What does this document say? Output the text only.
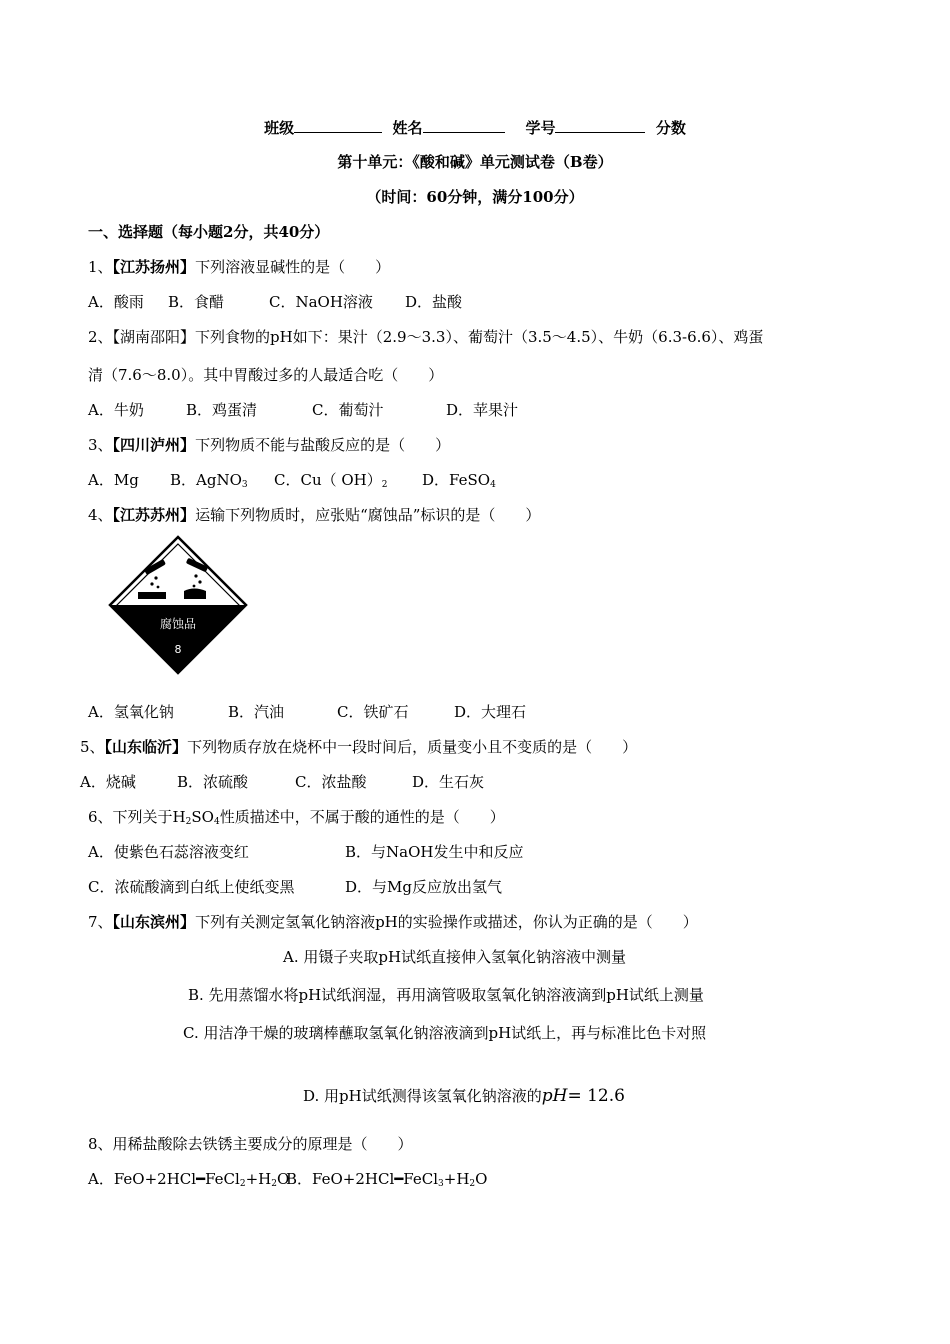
班级	姓名	学号	分数
第十单元：《酸和碱》单元测试卷（B卷）
（时间：60分钟，满分100分）
一、选择题（每小题2分，共40分）
1、【江苏扬州】下列溶液显碱性的是（　　）
A．酸雨 B．食醋	C．NaOH溶液 D．盐酸
2、【湖南邵阳】下列食物的pH如下：果汁（2.9～3.3）、葡萄汁（3.5～4.5）、牛奶（6.3-6.6）、鸡蛋
清（7.6～8.0）。其中胃酸过多的人最适合吃（　　）
A．牛奶	B．鸡蛋清	C．葡萄汁	D．苹果汁
3、【四川泸州】下列物质不能与盐酸反应的是（　　）
A．Mg B．AgNO$_3$ C．Cu（ $OH)_2$ D．FeSO$_4$
4、【江苏苏州】运输下列物质时，应张贴“腐蚀品”标识的是（　　）
腐蚀品
8
A．氢氧化钠	B．汽油	C．铁矿石	D．大理石
5、【山东临沂】下列物质存放在烧杯中一段时间后，质量变小且不变质的是（　　）
A．烧碱	B．浓硫酸	C．浓盐酸	D．生石灰
6、下列关于$H_2SO_4$性质描述中，不属于酸的通性的是（　　）
A．使紫色石蕊溶液变红	B．与NaOH发生中和反应
C．浓硫酸滴到白纸上使纸变黑	D．与Mg反应放出氢气
7、【山东滨州】下列有关测定氢氧化钠溶液pH的实验操作或描述，你认为正确的是（　　）
A. 用镊子夹取pH试纸直接伸入氢氧化钠溶液中测量
B. 先用蒸馏水将pH试纸润湿，再用滴管吸取氢氧化钠溶液滴到pH试纸上测量
C. 用洁净干燥的玻璃棒蘸取氢氧化钠溶液滴到pH试纸上，再与标准比色卡对照
D. 用pH试纸测得该氢氧化钠溶液的pH= 12.6
8、用稀盐酸除去铁锈主要成分的原理是（　　）
A．$FeO+2HCl━FeCl_2+H_2OB$．$FeO+2HCl━FeCl_3+H_2O$
